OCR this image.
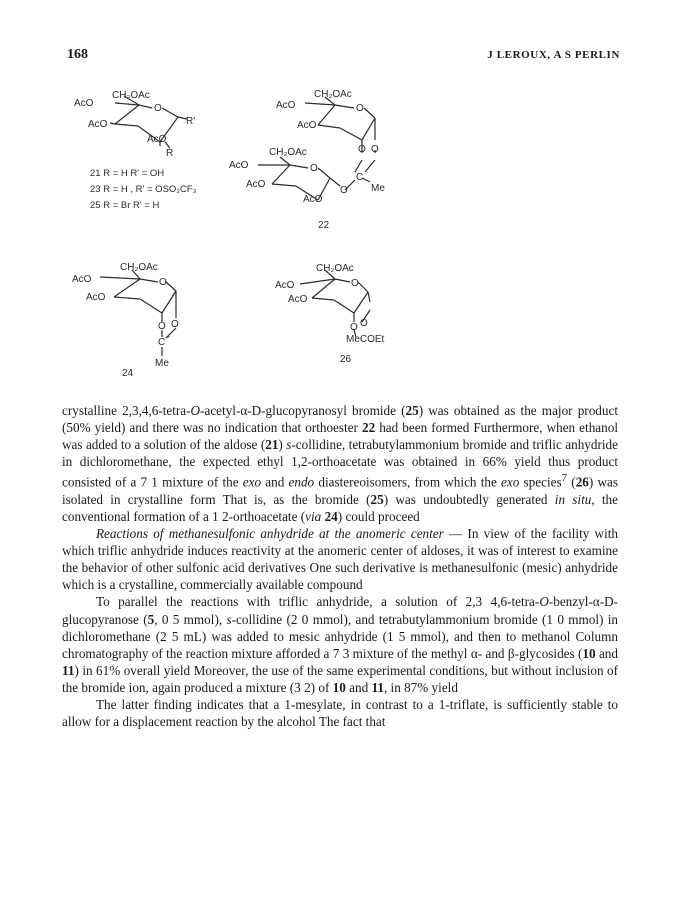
168	J LEROUX, A S PERLIN
CH₂OAc
AcO	O
AcO	R'
AcO
R
21 R = H R' = OH
23 R = H , R' = OSO₂CF₃
25 R = Br R' = H
CH₂OAc
AcO	O
AcO
O O
CH₂OAc
AcO	O
C
AcO
O Me
AcO
22
CH₂OAc
AcO	O
AcO
O O
C +
Me
24
CH₂OAc
AcO	O
AcO
O O
MeCOEt
26

crystalline 2,3,4,6-tetra-O-acetyl-α-D-glucopyranosyl bromide (25) was obtained as the major product (50% yield) and there was no indication that orthoester 22 had been formed Furthermore, when ethanol was added to a solution of the aldose (21) s-collidine, tetrabutylammonium bromide and triflic anhydride in dichloromethane, the expected ethyl 1,2-orthoacetate was obtained in 66% yield thus product consisted of a 7 1 mixture of the exo and endo diastereoisomers, from which the exo species$^7$ (26) was isolated in crystalline form That is, as the bromide (25) was undoubtedly generated in situ, the conventional formation of a 1 2-orthoacetate (via 24) could proceed

Reactions of methanesulfonic anhydride at the anomeric center — In view of the facility with which triflic anhydride induces reactivity at the anomeric center of aldoses, it was of interest to examine the behavior of other sulfonic acid derivatives One such derivative is methanesulfonic (mesic) anhydride which is a crystalline, commercially available compound

To parallel the reactions with triflic anhydride, a solution of 2,3 4,6-tetra-O-benzyl-α-D-glucopyranose (5, 0 5 mmol), s-collidine (2 0 mmol), and tetrabutylammonium bromide (1 0 mmol) in dichloromethane (2 5 mL) was added to mesic anhydride (1 5 mmol), and then to methanol Column chromatography of the reaction mixture afforded a 7 3 mixture of the methyl α- and β-glycosides (10 and 11) in 61% overall yield Moreover, the use of the same experimental conditions, but without inclusion of the bromide ion, again produced a mixture (3 2) of 10 and 11, in 87% yield

The latter finding indicates that a 1-mesylate, in contrast to a 1-triflate, is sufficiently stable to allow for a displacement reaction by the alcohol The fact that
